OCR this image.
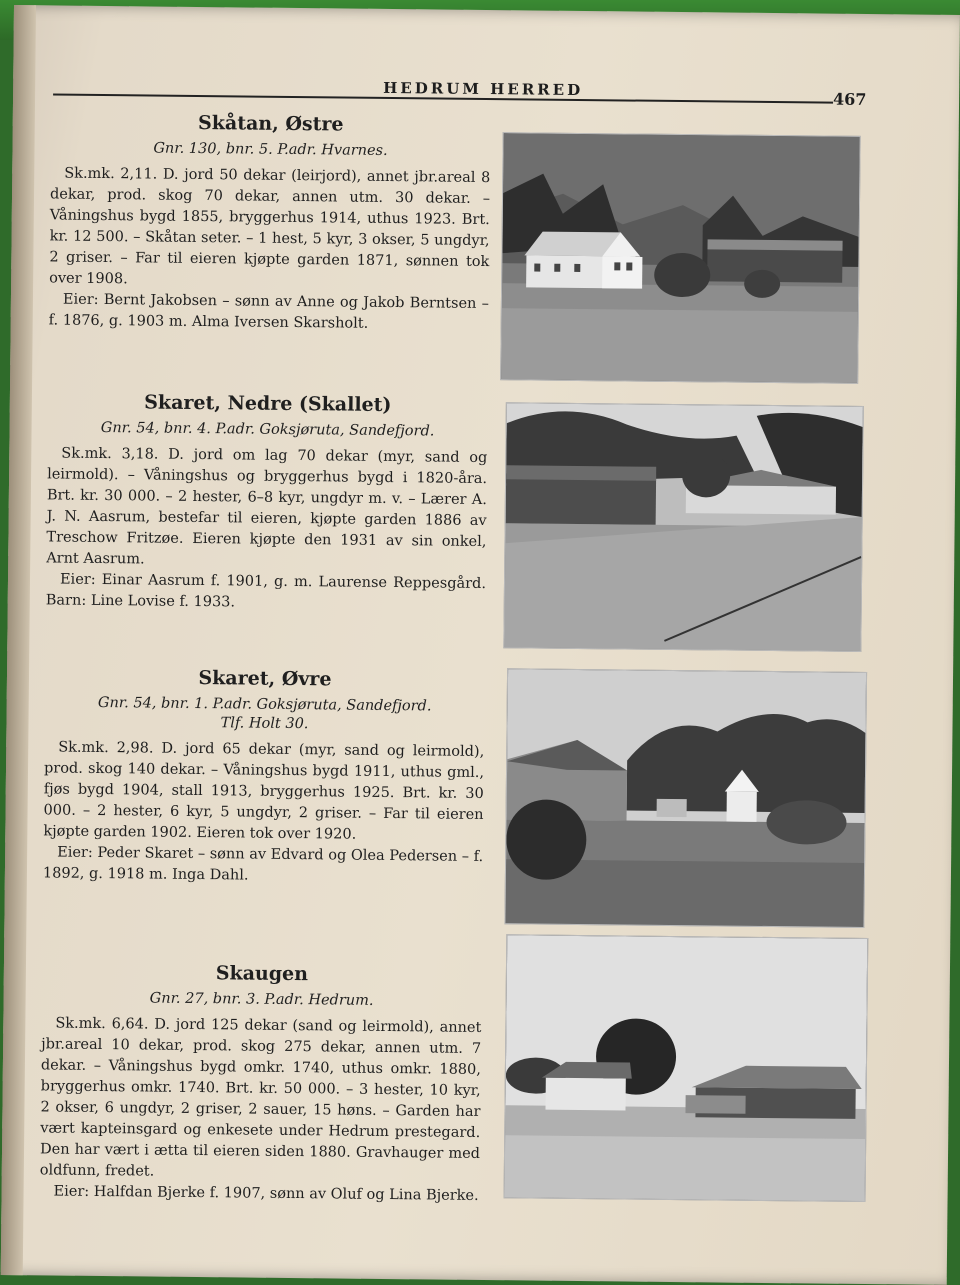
HEDRUM HERRED
467
Skåtan, Østre
Gnr. 130, bnr. 5. P.adr. Hvarnes.

Sk.mk. 2,11. D. jord 50 dekar (leirjord), annet jbr.areal 8 dekar, prod. skog 70 dekar, annen utm. 30 dekar. – Våningshus bygd 1855, bryggerhus 1914, uthus 1923. Brt. kr. 12 500. – Skåtan seter. – 1 hest, 5 kyr, 3 okser, 5 ungdyr, 2 griser. – Far til eieren kjøpte garden 1871, sønnen tok over 1908.

Eier: Bernt Jakobsen – sønn av Anne og Jakob Berntsen – f. 1876, g. 1903 m. Alma Iversen Skarsholt.

Skaret, Nedre (Skallet)
Gnr. 54, bnr. 4. P.adr. Goksjøruta, Sandefjord.

Sk.mk. 3,18. D. jord om lag 70 dekar (myr, sand og leirmold). – Våningshus og bryggerhus bygd i 1820-åra. Brt. kr. 30 000. – 2 hester, 6–8 kyr, ungdyr m. v. – Lærer A. J. N. Aasrum, bestefar til eieren, kjøpte garden 1886 av Treschow Fritzøe. Eieren kjøpte den 1931 av sin onkel, Arnt Aasrum.

Eier: Einar Aasrum f. 1901, g. m. Laurense Reppesgård. Barn: Line Lovise f. 1933.

Skaret, Øvre
Gnr. 54, bnr. 1. P.adr. Goksjøruta, Sandefjord.
Tlf. Holt 30.

Sk.mk. 2,98. D. jord 65 dekar (myr, sand og leirmold), prod. skog 140 dekar. – Våningshus bygd 1911, uthus gml., fjøs bygd 1904, stall 1913, bryggerhus 1925. Brt. kr. 30 000. – 2 hester, 6 kyr, 5 ungdyr, 2 griser. – Far til eieren kjøpte garden 1902. Eieren tok over 1920.

Eier: Peder Skaret – sønn av Edvard og Olea Pedersen – f. 1892, g. 1918 m. Inga Dahl.

Skaugen
Gnr. 27, bnr. 3. P.adr. Hedrum.

Sk.mk. 6,64. D. jord 125 dekar (sand og leirmold), annet jbr.areal 10 dekar, prod. skog 275 dekar, annen utm. 7 dekar. – Våningshus bygd omkr. 1740, uthus omkr. 1880, bryggerhus omkr. 1740. Brt. kr. 50 000. – 3 hester, 10 kyr, 2 okser, 6 ungdyr, 2 griser, 2 sauer, 15 høns. – Garden har vært kapteinsgard og enkesete under Hedrum prestegard. Den har vært i ætta til eieren siden 1880. Gravhauger med oldfunn, fredet.

Eier: Halfdan Bjerke f. 1907, sønn av Oluf og Lina Bjerke.
